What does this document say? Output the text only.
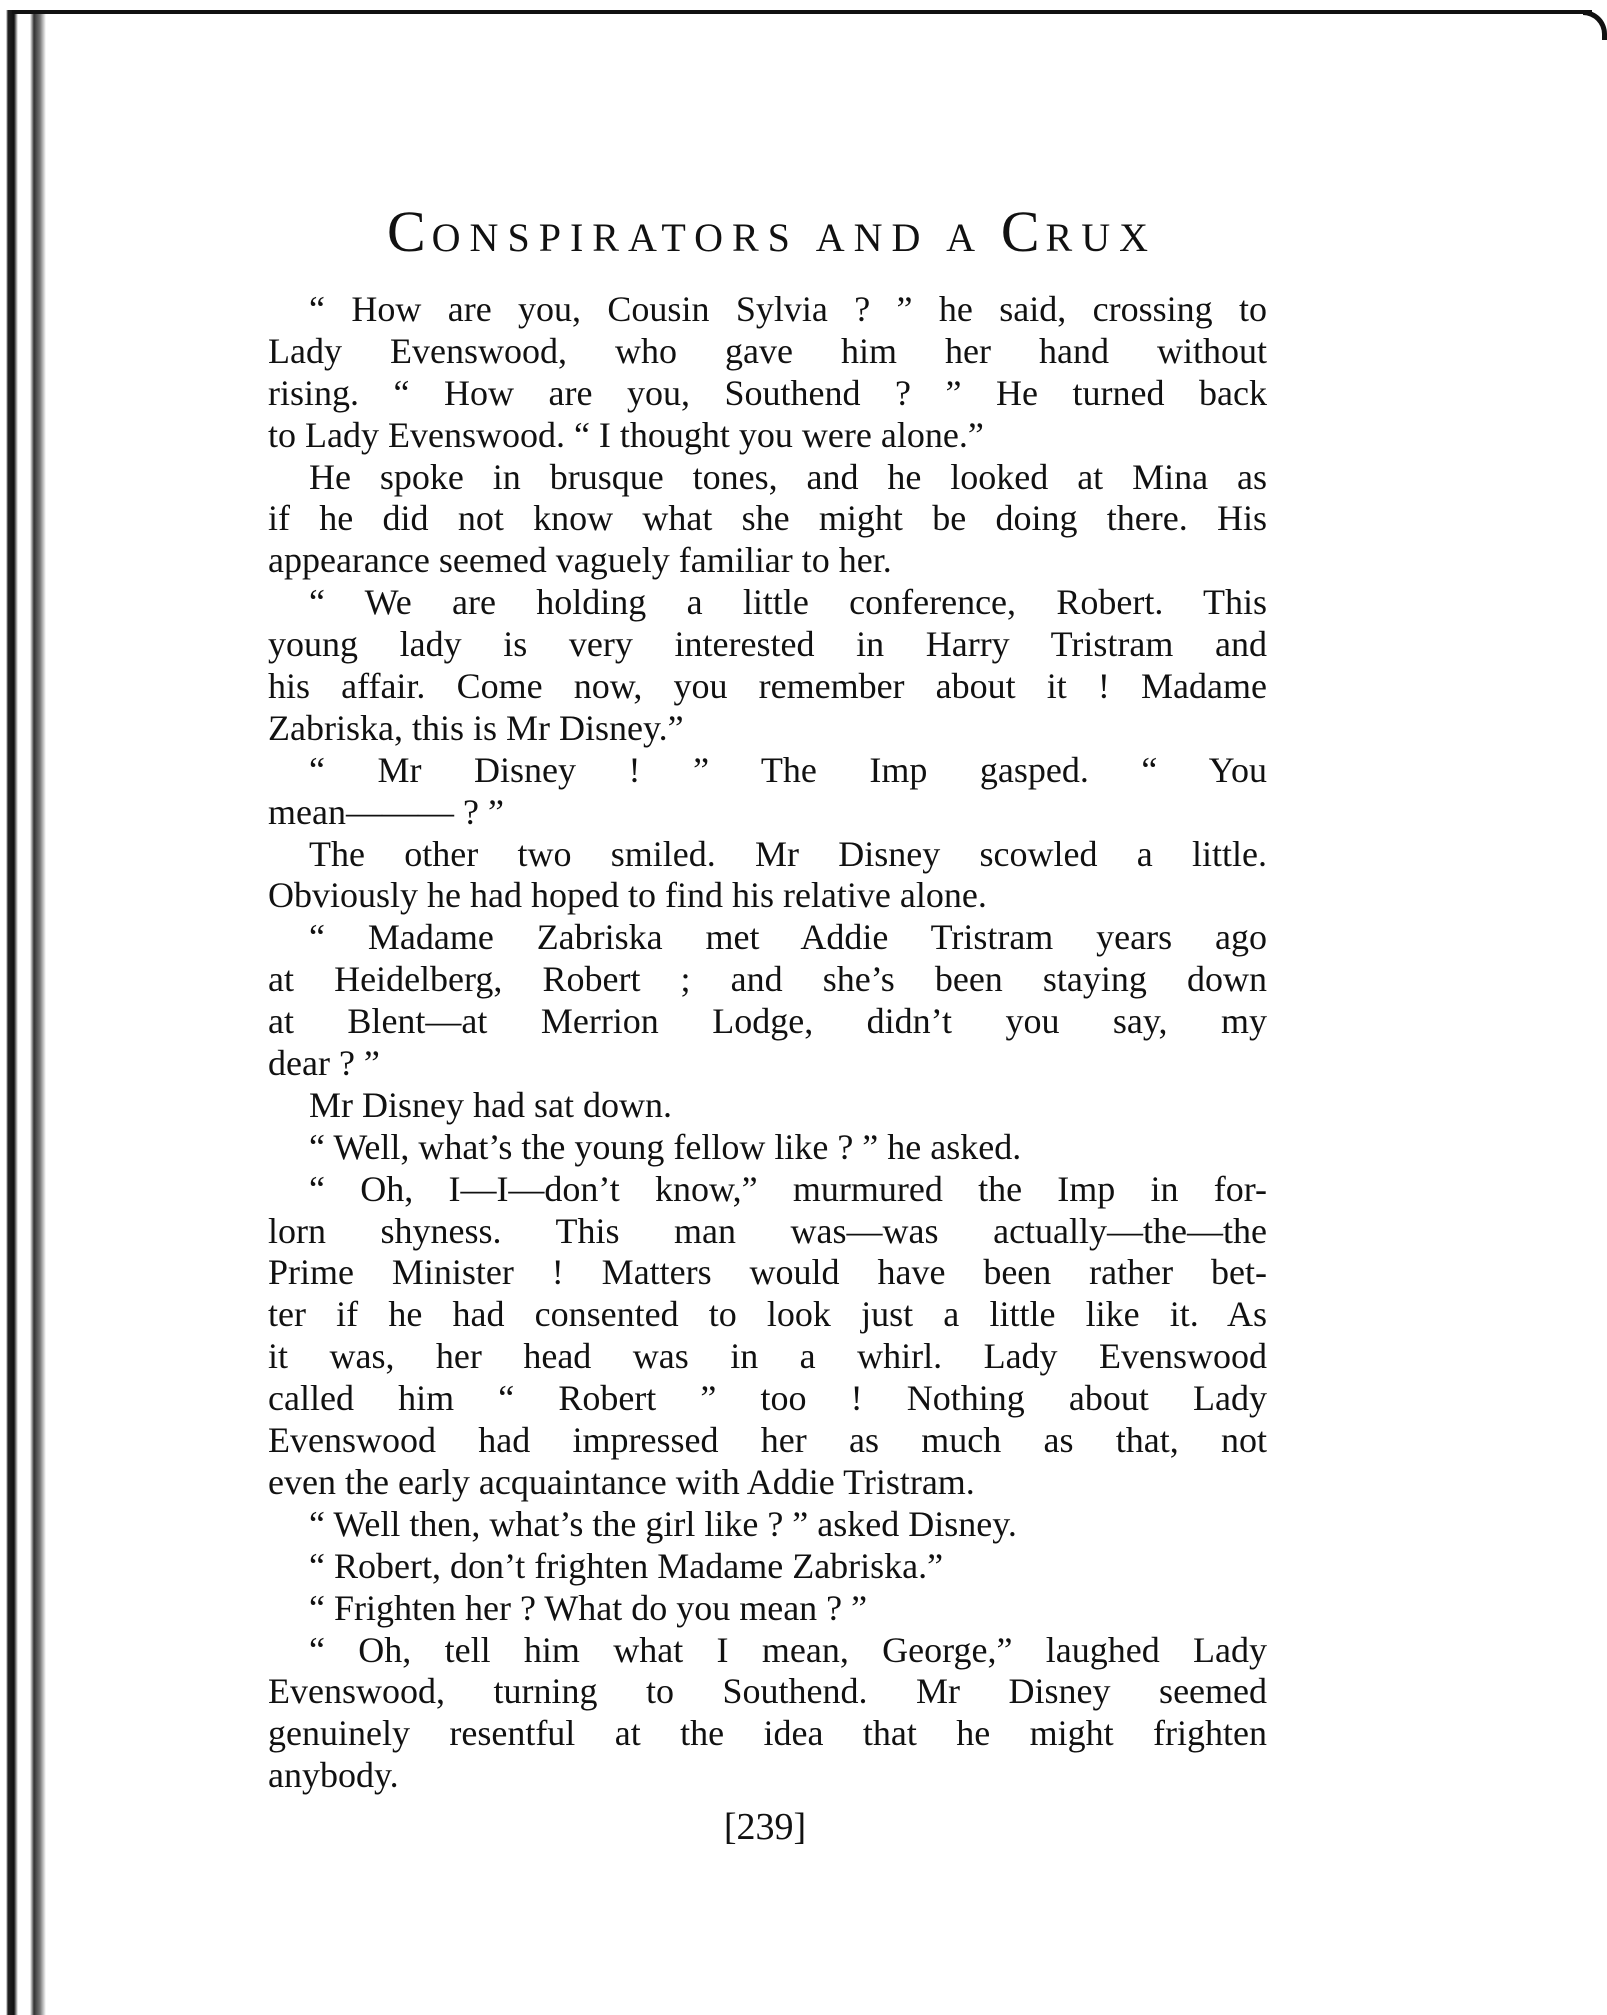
CONSPIRATORS AND A CRUX
“ How are you, Cousin Sylvia ? ” he said, crossing to
Lady Evenswood, who gave him her hand without
rising. “ How are you, Southend ? ” He turned back
to Lady Evenswood. “ I thought you were alone.”
He spoke in brusque tones, and he looked at Mina as
if he did not know what she might be doing there. His
appearance seemed vaguely familiar to her.
“ We are holding a little conference, Robert. This
young lady is very interested in Harry Tristram and
his affair. Come now, you remember about it ! Madame
Zabriska, this is Mr Disney.”
“ Mr Disney ! ” The Imp gasped. “ You
mean——— ? ”
The other two smiled. Mr Disney scowled a little.
Obviously he had hoped to find his relative alone.
“ Madame Zabriska met Addie Tristram years ago
at Heidelberg, Robert ; and she’s been staying down
at Blent—at Merrion Lodge, didn’t you say, my
dear ? ”
Mr Disney had sat down.
“ Well, what’s the young fellow like ? ” he asked.
“ Oh, I—I—don’t know,” murmured the Imp in for-
lorn shyness. This man was—was actually—the—the
Prime Minister ! Matters would have been rather bet-
ter if he had consented to look just a little like it. As
it was, her head was in a whirl. Lady Evenswood
called him “ Robert ” too ! Nothing about Lady
Evenswood had impressed her as much as that, not
even the early acquaintance with Addie Tristram.
“ Well then, what’s the girl like ? ” asked Disney.
“ Robert, don’t frighten Madame Zabriska.”
“ Frighten her ? What do you mean ? ”
“ Oh, tell him what I mean, George,” laughed Lady
Evenswood, turning to Southend. Mr Disney seemed
genuinely resentful at the idea that he might frighten
anybody.
[239]
